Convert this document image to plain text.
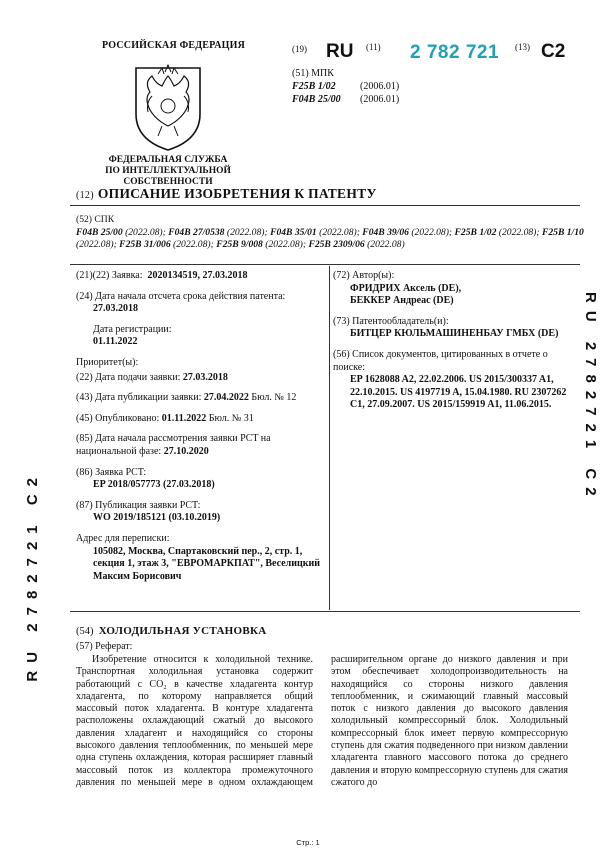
РОССИЙСКАЯ ФЕДЕРАЦИЯ
ФЕДЕРАЛЬНАЯ СЛУЖБА
ПО ИНТЕЛЛЕКТУАЛЬНОЙ СОБСТВЕННОСТИ
(19) RU (11) 2 782 721 (13) C2
(51) МПК
F25B 1/02	(2006.01)
F04B 25/00	(2006.01)
(12) ОПИСАНИЕ ИЗОБРЕТЕНИЯ К ПАТЕНТУ
(52) СПК
F04B 25/00 (2022.08); F04B 27/0538 (2022.08); F04B 35/01 (2022.08); F04B 39/06 (2022.08); F25B 1/02 (2022.08); F25B 1/10 (2022.08); F25B 31/006 (2022.08); F25B 9/008 (2022.08); F25B 2309/06 (2022.08)
(21)(22) Заявка: 2020134519, 27.03.2018
(24) Дата начала отсчета срока действия патента:
27.03.2018
Дата регистрации:
01.11.2022
Приоритет(ы):
(22) Дата подачи заявки: 27.03.2018
(43) Дата публикации заявки: 27.04.2022 Бюл. № 12
(45) Опубликовано: 01.11.2022 Бюл. № 31
(85) Дата начала рассмотрения заявки PCT на национальной фазе: 27.10.2020
(86) Заявка PCT:
EP 2018/057773 (27.03.2018)
(87) Публикация заявки PCT:
WO 2019/185121 (03.10.2019)
Адрес для переписки:
105082, Москва, Спартаковский пер., 2, стр. 1, секция 1, этаж 3, "ЕВРОМАРКПАТ", Веселицкий Максим Борисович
(72) Автор(ы):
ФРИДРИХ Аксель (DE),
БЕККЕР Андреас (DE)
(73) Патентообладатель(и):
БИТЦЕР КЮЛЬМАШИНЕНБАУ ГМБХ (DE)
(56) Список документов, цитированных в отчете о поиске:
EP 1628088 A2, 22.02.2006. US 2015/300337 A1, 22.10.2015. US 4197719 A, 15.04.1980. RU 2307262 C1, 27.09.2007. US 2015/159919 A1, 11.06.2015.
RU 2782721 C2
RU 2782721 C2
(54) ХОЛОДИЛЬНАЯ УСТАНОВКА
(57) Реферат:

Изобретение относится к холодильной технике. Транспортная холодильная установка содержит работающий с CO₂ в качестве хладагента контур хладагента, по которому направляется общий массовый поток хладагента. В контуре хладагента расположены охлаждающий сжатый до высокого давления хладагент и находящийся со стороны высокого давления теплообменник, по меньшей мере одна ступень охлаждения, которая расширяет главный массовый поток из коллектора промежуточного давления по меньшей мере в одном охлаждающем расширительном органе до низкого давления и при этом обеспечивает холодопроизводительность на находящийся со стороны низкого давления теплообменник, и сжимающий главный массовый поток с низкого давления до высокого давления холодильный компрессорный блок. Холодильный компрессорный блок имеет первую компрессорную ступень для сжатия подведенного при низком давлении хладагента главного массового потока до среднего давления и вторую компрессорную ступень для сжатия сжатого до

Стр.: 1
